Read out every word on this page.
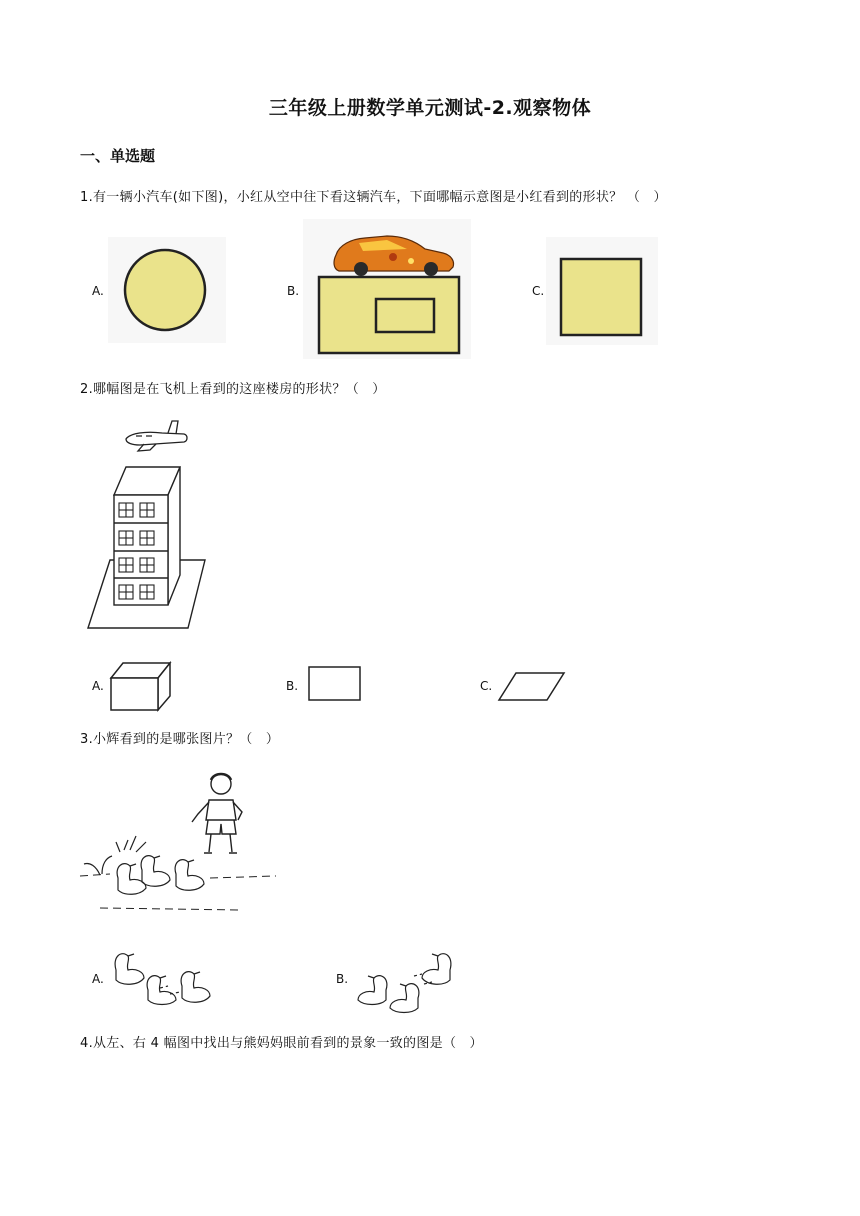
三年级上册数学单元测试-2.观察物体
一、单选题
1.有一辆小汽车(如下图)，小红从空中往下看这辆汽车，下面哪幅示意图是小红看到的形状？ （　）
A.	B.	C.
2.哪幅图是在飞机上看到的这座楼房的形状？（　）
A.	B.	C.
3.小辉看到的是哪张图片？（　）
A.	B.
4.从左、右 4 幅图中找出与熊妈妈眼前看到的景象一致的图是（　）
